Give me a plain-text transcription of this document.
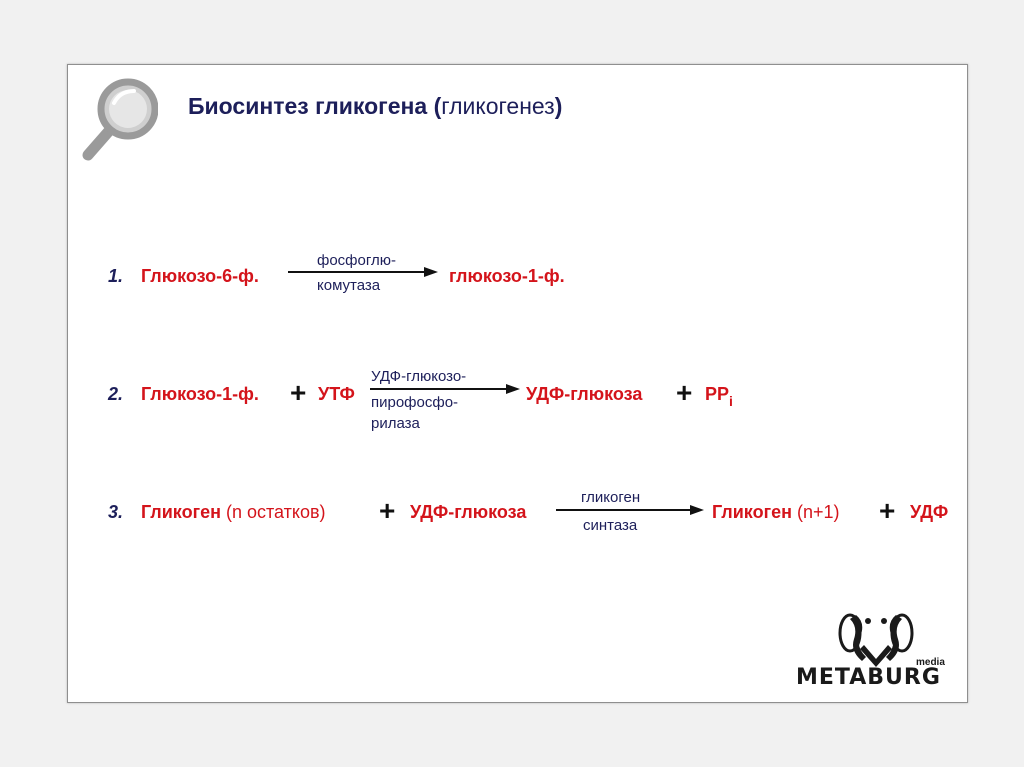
Биосинтез гликогена (гликогенез)
1. Глюкозо-6-ф.
фосфоглю-
комутаза	глюкозо-1-ф.
2. Глюкозо-1-ф. + УТФ
УДФ-глюкозо-
пирофосфо-
рилаза
УДФ-глюкоза + $PP_i$
3. Гликоген (n остатков) + УДФ-глюкоза
гликоген
синтаза
Гликоген (n+1) + УДФ
media
METABURG
